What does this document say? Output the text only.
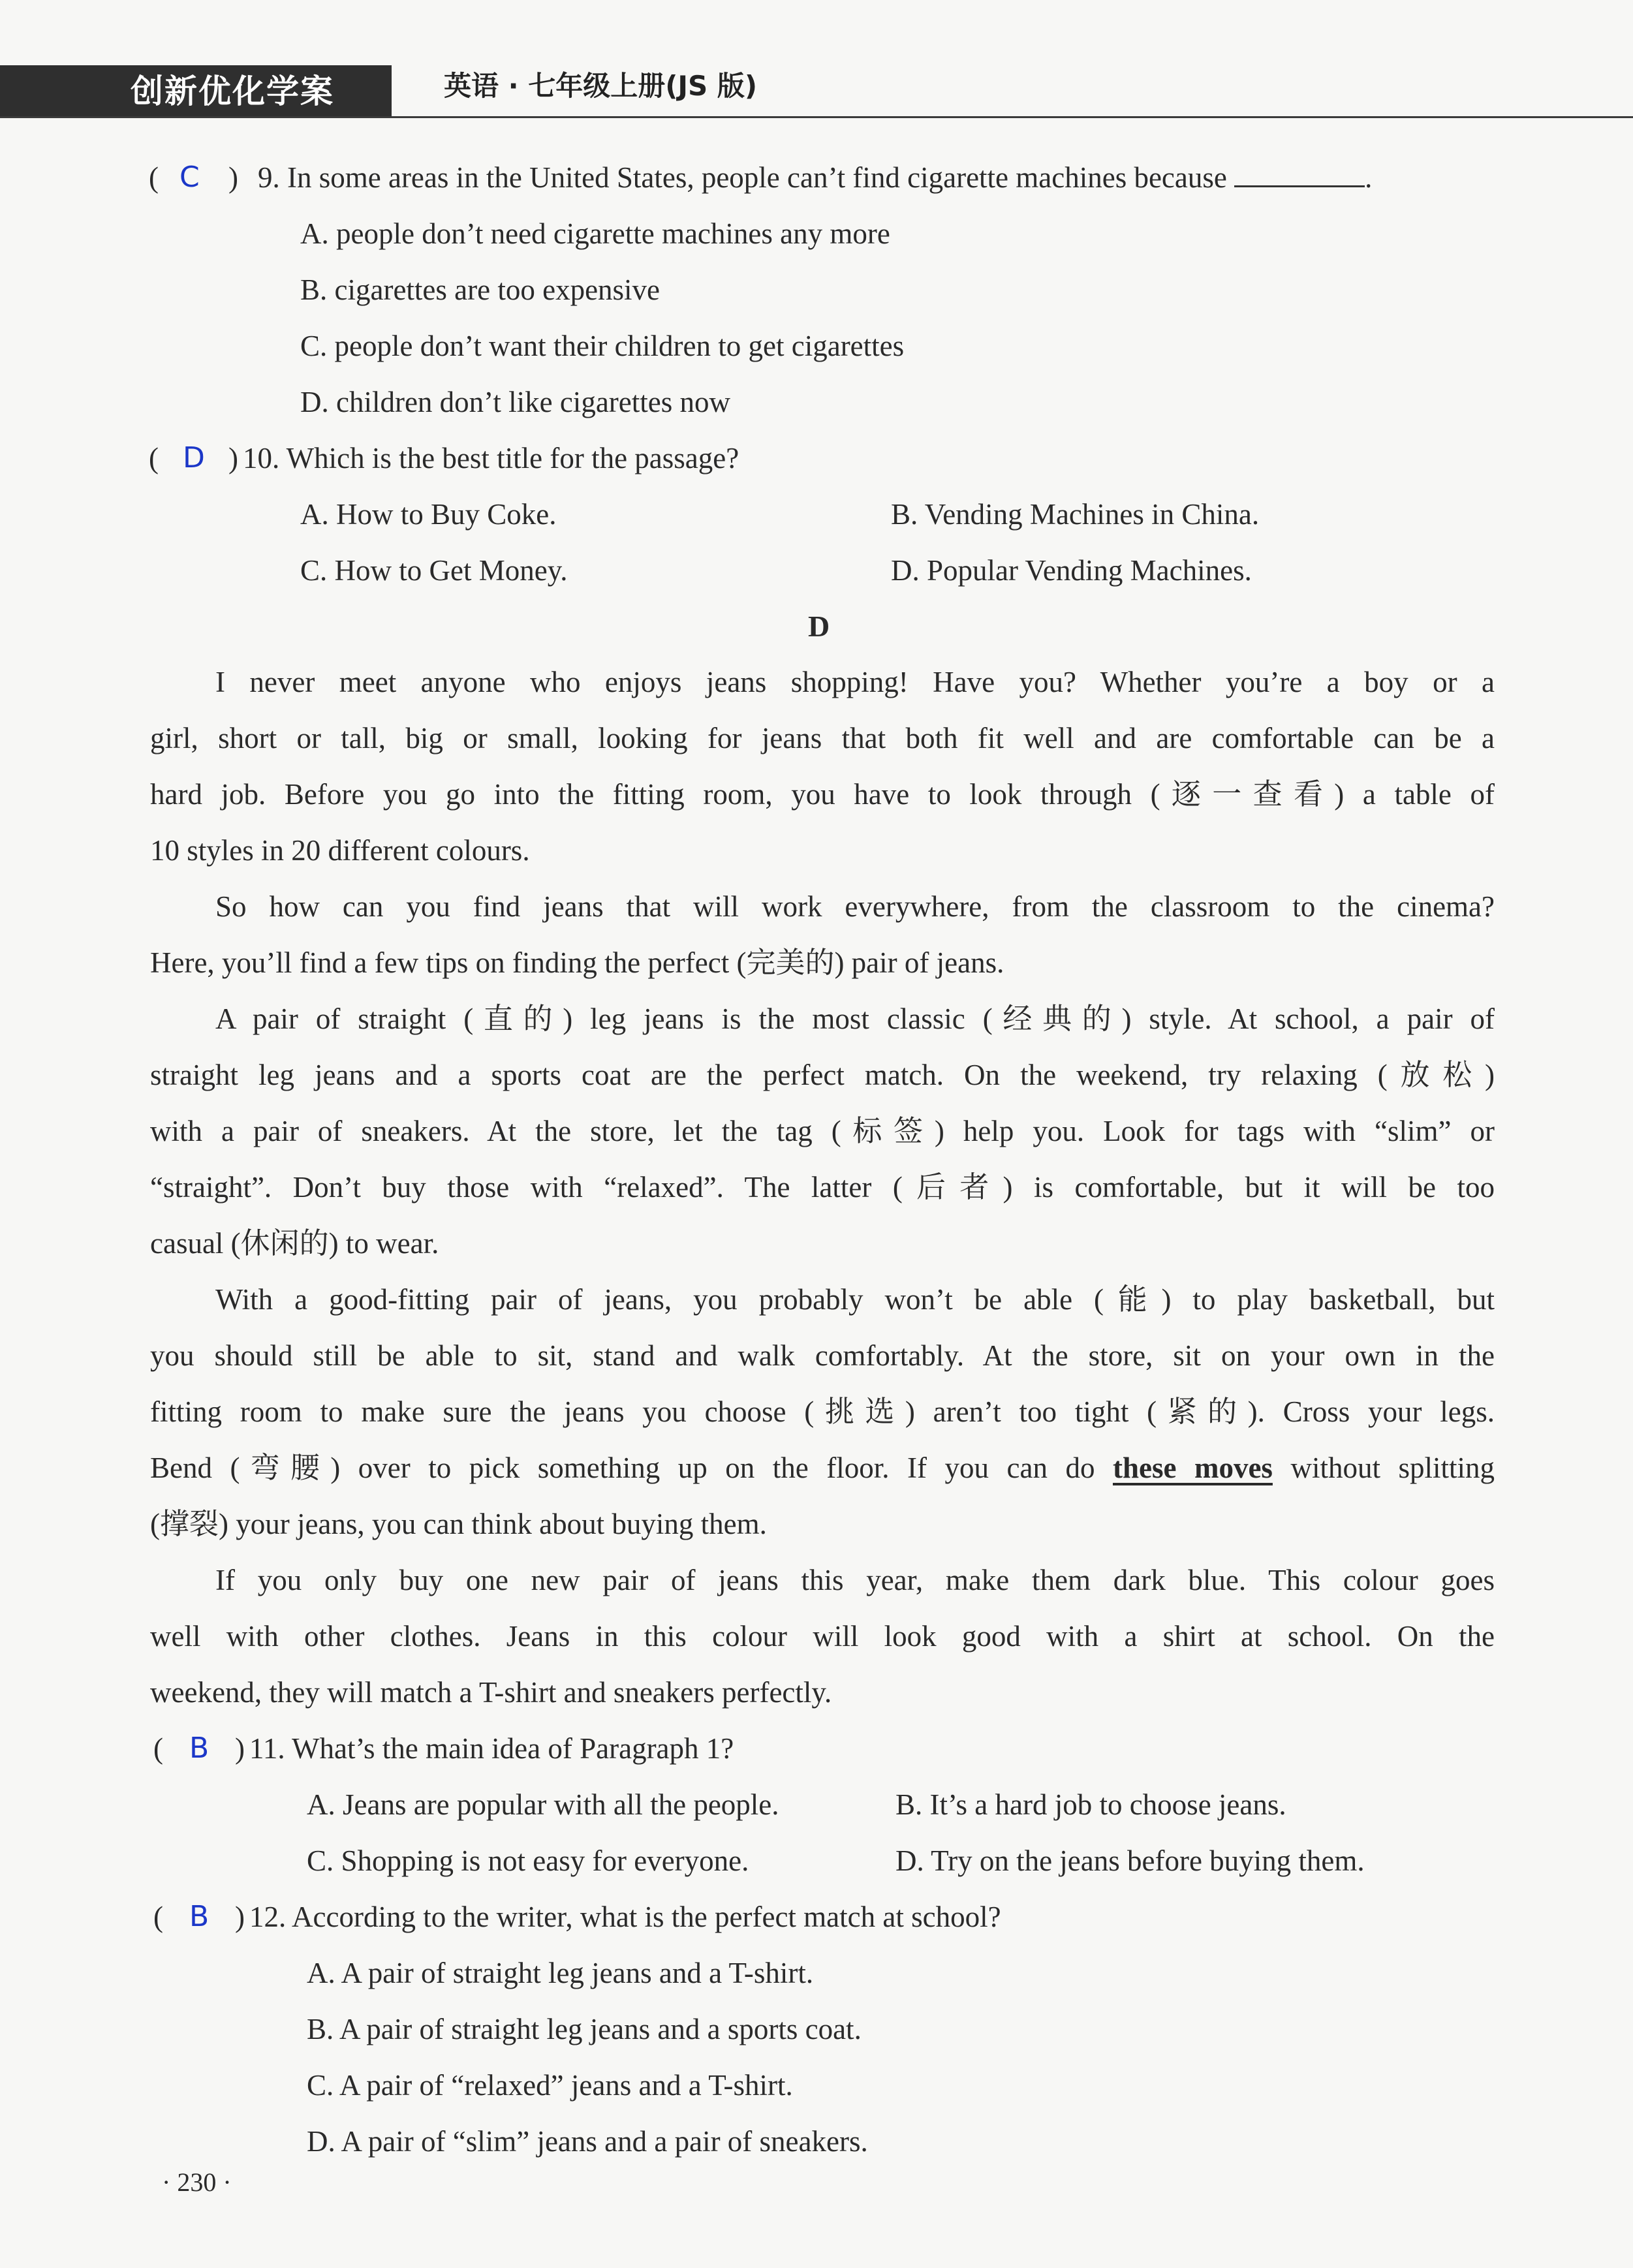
创新优化学案	英语 · 七年级上册(JS 版)
( C ) 9. In some areas in the United States, people can’t find cigarette machines because	.
A. people don’t need cigarette machines any more
B. cigarettes are too expensive
C. people don’t want their children to get cigarettes
D. children don’t like cigarettes now
( D ) 10. Which is the best title for the passage?
A. How to Buy Coke.	B. Vending Machines in China.
C. How to Get Money.	D. Popular Vending Machines.
D
I never meet anyone who enjoys jeans shopping! Have you? Whether you’re a boy or a
girl, short or tall, big or small, looking for jeans that both fit well and are comfortable can be a
hard job. Before you go into the fitting room, you have to look through (逐一查看) a table of
10 styles in 20 different colours.
So how can you find jeans that will work everywhere, from the classroom to the cinema?
Here, you’ll find a few tips on finding the perfect (完美的) pair of jeans.
A pair of straight (直的) leg jeans is the most classic (经典的) style. At school, a pair of
straight leg jeans and a sports coat are the perfect match. On the weekend, try relaxing (放松)
with a pair of sneakers. At the store, let the tag (标签) help you. Look for tags with “slim” or
“straight”. Don’t buy those with “relaxed”. The latter (后者) is comfortable, but it will be too
casual (休闲的) to wear.
With a good-fitting pair of jeans, you probably won’t be able (能) to play basketball, but
you should still be able to sit, stand and walk comfortably. At the store, sit on your own in the
fitting room to make sure the jeans you choose (挑选) aren’t too tight (紧的). Cross your legs.
Bend (弯腰) over to pick something up on the floor. If you can do these moves without splitting
(撑裂) your jeans, you can think about buying them.
If you only buy one new pair of jeans this year, make them dark blue. This colour goes
well with other clothes. Jeans in this colour will look good with a shirt at school. On the
weekend, they will match a T-shirt and sneakers perfectly.
( B ) 11. What’s the main idea of Paragraph 1?
A. Jeans are popular with all the people.	B. It’s a hard job to choose jeans.
C. Shopping is not easy for everyone.	D. Try on the jeans before buying them.
( B ) 12. According to the writer, what is the perfect match at school?
A. A pair of straight leg jeans and a T-shirt.
B. A pair of straight leg jeans and a sports coat.
C. A pair of “relaxed” jeans and a T-shirt.
D. A pair of “slim” jeans and a pair of sneakers.
· 230 ·
